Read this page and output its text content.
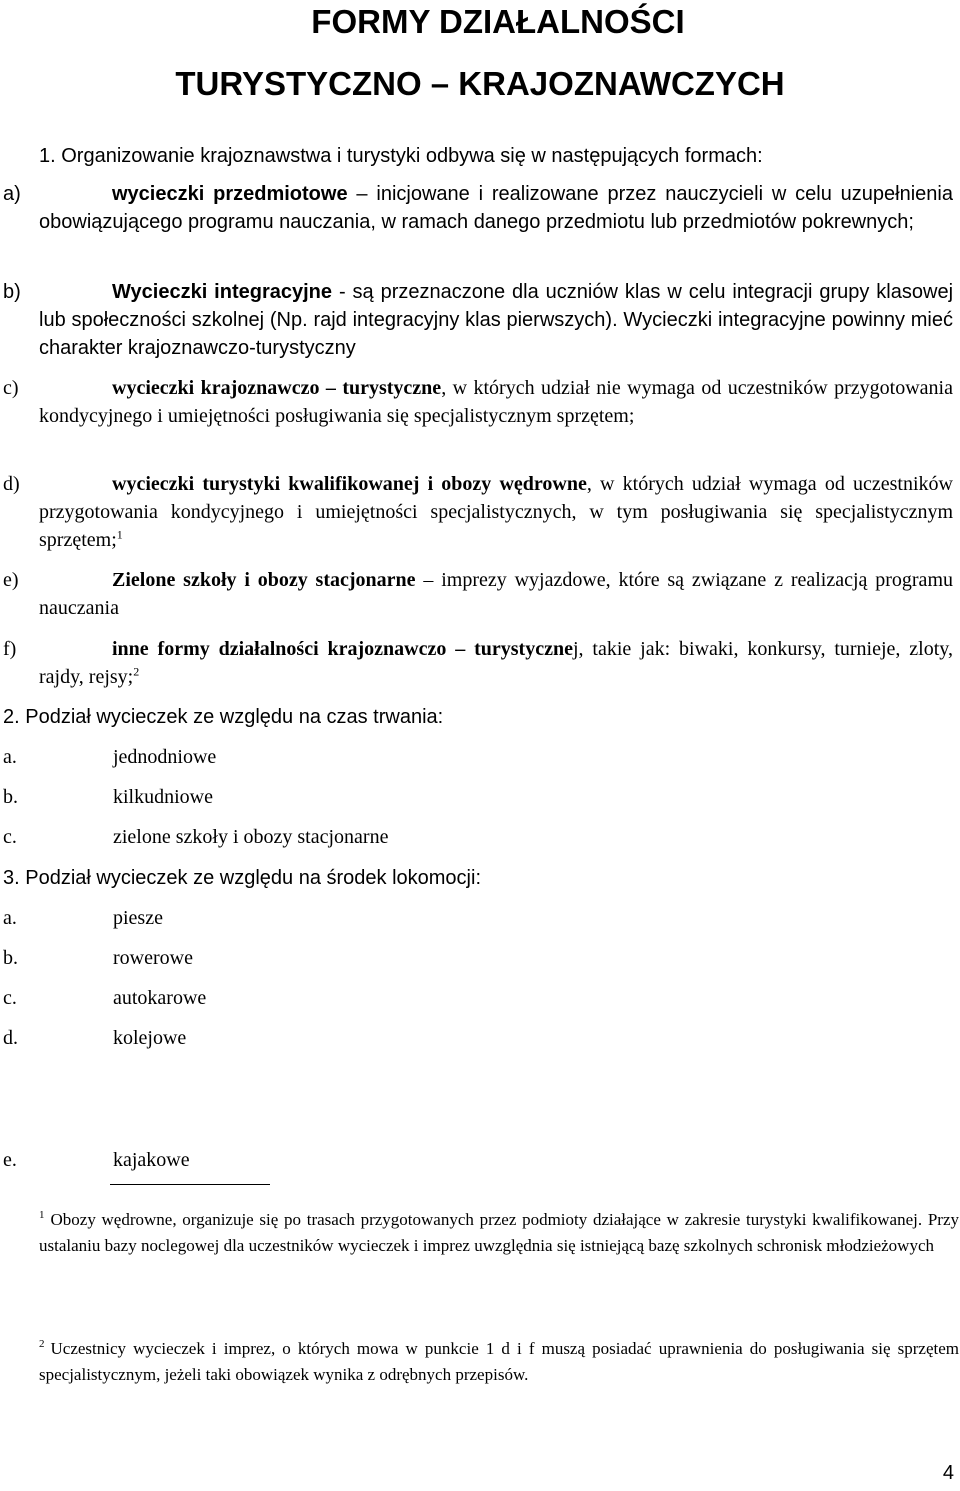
FORMY DZIAŁALNOŚCI
TURYSTYCZNO – KRAJOZNAWCZYCH

1. Organizowanie krajoznawstwa i turystyki odbywa się w następujących formach:

a)	wycieczki przedmiotowe – inicjowane i realizowane przez nauczycieli w celu uzupełnienia obowiązującego programu nauczania, w ramach danego przedmiotu lub przedmiotów pokrewnych;

b)	Wycieczki integracyjne - są przeznaczone dla uczniów klas w celu integracji grupy klasowej lub społeczności szkolnej (Np. rajd integracyjny klas pierwszych). Wycieczki integracyjne powinny mieć charakter krajoznawczo-turystyczny

c)	wycieczki krajoznawczo – turystyczne, w których udział nie wymaga od uczestników przygotowania kondycyjnego i umiejętności posługiwania się specjalistycznym sprzętem;

d)	wycieczki turystyki kwalifikowanej i obozy wędrowne, w których udział wymaga od uczestników przygotowania kondycyjnego i umiejętności specjalistycznych, w tym posługiwania się specjalistycznym sprzętem;$^1$

e)	Zielone szkoły i obozy stacjonarne – imprezy wyjazdowe, które są związane z realizacją programu nauczania

f)	inne formy działalności krajoznawczo – turystycznej, takie jak: biwaki, konkursy, turnieje, zloty, rajdy, rejsy;$^2$

2. Podział wycieczek ze względu na czas trwania:

a.	jednodniowe
b.	kilkudniowe
c.	zielone szkoły i obozy stacjonarne

3. Podział wycieczek ze względu na środek lokomocji:

a.	piesze
b.	rowerowe
c.	autokarowe
d.	kolejowe
e.	kajakowe

$^1$ Obozy wędrowne, organizuje się po trasach przygotowanych przez podmioty działające w zakresie turystyki kwalifikowanej. Przy ustalaniu bazy noclegowej dla uczestników wycieczek i imprez uwzględnia się istniejącą bazę szkolnych schronisk młodzieżowych

$^2$ Uczestnicy wycieczek i imprez, o których mowa w punkcie 1 d i f muszą posiadać uprawnienia do posługiwania się sprzętem specjalistycznym, jeżeli taki obowiązek wynika z odrębnych przepisów.

4
